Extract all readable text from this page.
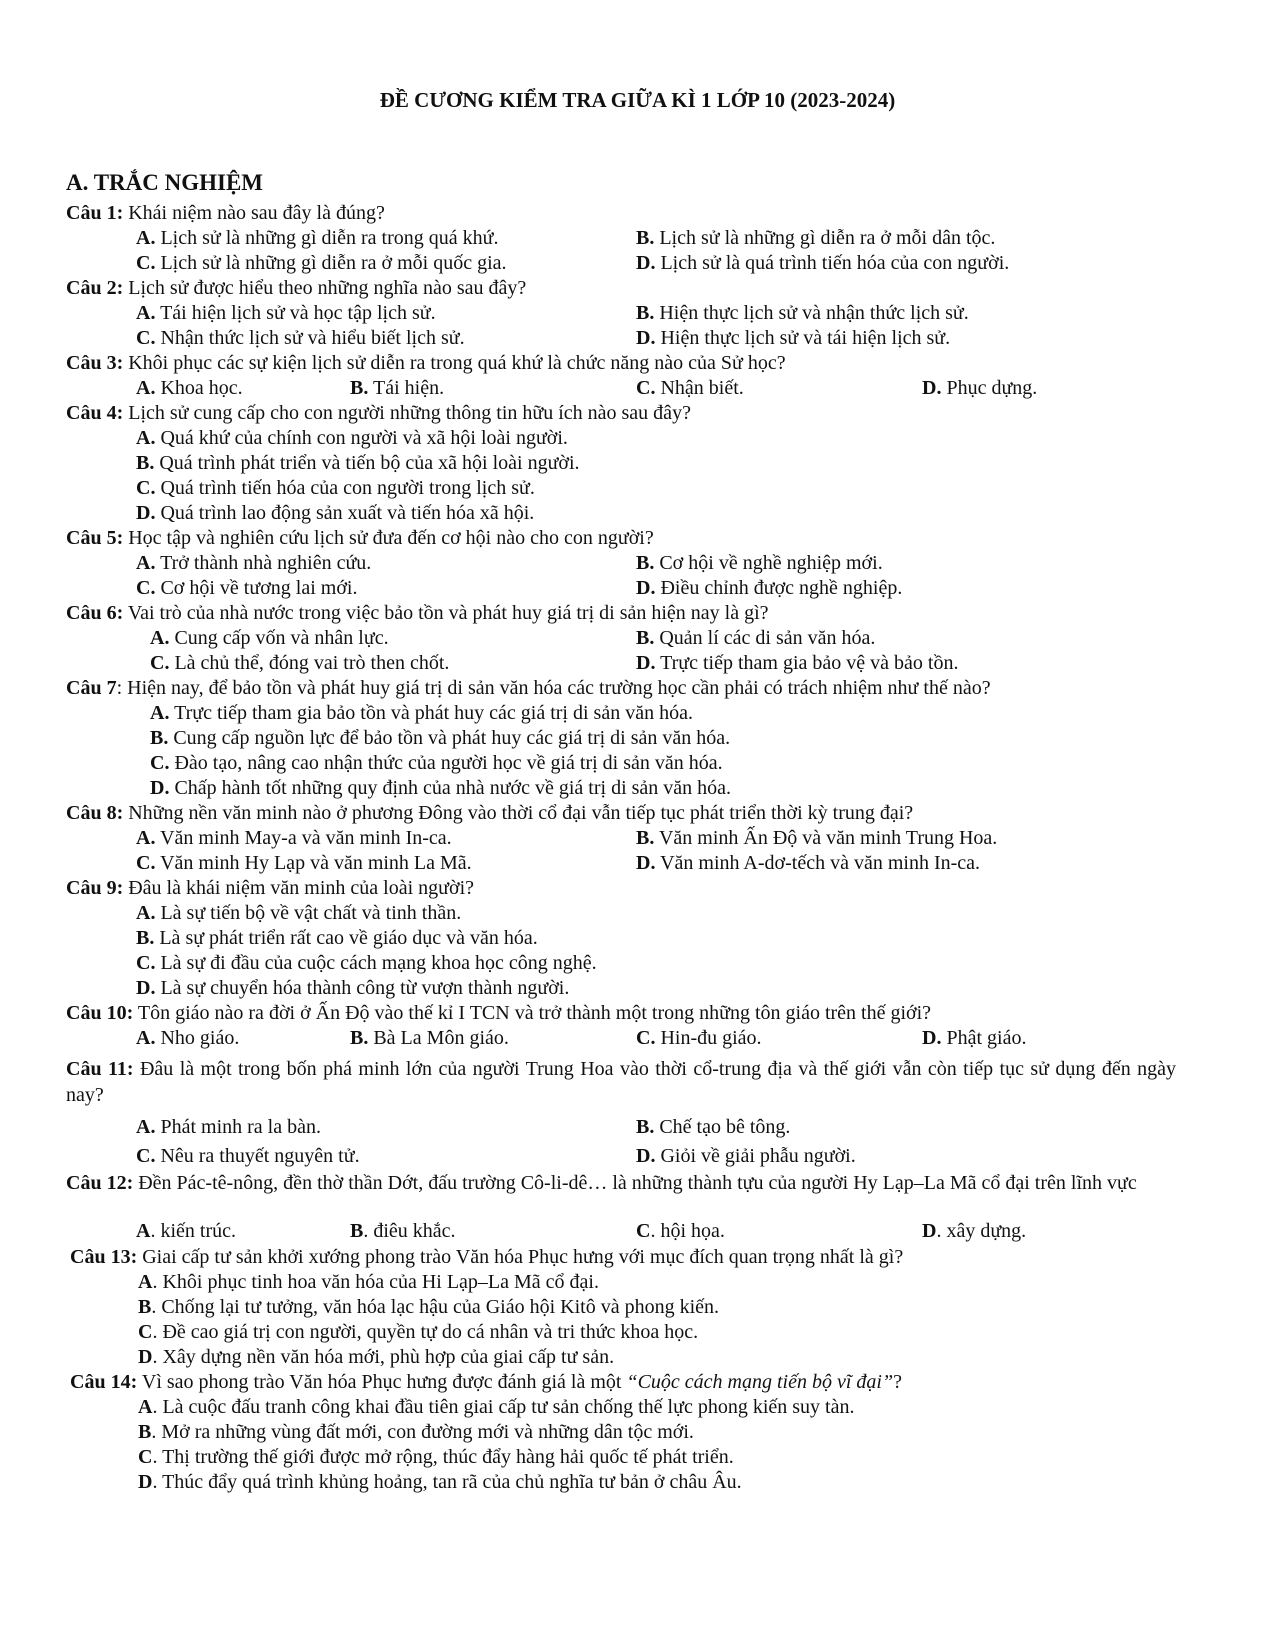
ĐỀ CƯƠNG KIỂM TRA GIỮA KÌ 1 LỚP 10 (2023-2024)
A. TRẮC NGHIỆM
Câu 1: Khái niệm nào sau đây là đúng?
A. Lịch sử là những gì diễn ra trong quá khứ.	B. Lịch sử là những gì diễn ra ở mỗi dân tộc.
C. Lịch sử là những gì diễn ra ở mỗi quốc gia.	D. Lịch sử là quá trình tiến hóa của con người.
Câu 2: Lịch sử được hiểu theo những nghĩa nào sau đây?
A. Tái hiện lịch sử và học tập lịch sử.	B. Hiện thực lịch sử và nhận thức lịch sử.
C. Nhận thức lịch sử và hiểu biết lịch sử.	D. Hiện thực lịch sử và tái hiện lịch sử.
Câu 3: Khôi phục các sự kiện lịch sử diễn ra trong quá khứ là chức năng nào của Sử học?
A. Khoa học.	B. Tái hiện.	C. Nhận biết.	D. Phục dựng.
Câu 4: Lịch sử cung cấp cho con người những thông tin hữu ích nào sau đây?
A. Quá khứ của chính con người và xã hội loài người.
B. Quá trình phát triển và tiến bộ của xã hội loài người.
C. Quá trình tiến hóa của con người trong lịch sử.
D. Quá trình lao động sản xuất và tiến hóa xã hội.
Câu 5: Học tập và nghiên cứu lịch sử đưa đến cơ hội nào cho con người?
A. Trở thành nhà nghiên cứu.	B. Cơ hội về nghề nghiệp mới.
C. Cơ hội về tương lai mới.	D. Điều chỉnh được nghề nghiệp.
Câu 6: Vai trò của nhà nước trong việc bảo tồn và phát huy giá trị di sản hiện nay là gì?
A. Cung cấp vốn và nhân lực.	B. Quản lí các di sản văn hóa.
C. Là chủ thể, đóng vai trò then chốt.	D. Trực tiếp tham gia bảo vệ và bảo tồn.
Câu 7: Hiện nay, để bảo tồn và phát huy giá trị di sản văn hóa các trường học cần phải có trách nhiệm như thế nào?
A. Trực tiếp tham gia bảo tồn và phát huy các giá trị di sản văn hóa.
B. Cung cấp nguồn lực để bảo tồn và phát huy các giá trị di sản văn hóa.
C. Đào tạo, nâng cao nhận thức của người học về giá trị di sản văn hóa.
D. Chấp hành tốt những quy định của nhà nước về giá trị di sản văn hóa.
Câu 8: Những nền văn minh nào ở phương Đông vào thời cổ đại vẫn tiếp tục phát triển thời kỳ trung đại?
A. Văn minh May-a và văn minh In-ca.	B. Văn minh Ấn Độ và văn minh Trung Hoa.
C. Văn minh Hy Lạp và văn minh La Mã.	D. Văn minh A-dơ-tếch và văn minh In-ca.
Câu 9: Đâu là khái niệm văn minh của loài người?
A. Là sự tiến bộ về vật chất và tinh thần.
B. Là sự phát triển rất cao về giáo dục và văn hóa.
C. Là sự đi đầu của cuộc cách mạng khoa học công nghệ.
D. Là sự chuyển hóa thành công từ vượn thành người.
Câu 10: Tôn giáo nào ra đời ở Ấn Độ vào thế kỉ I TCN và trở thành một trong những tôn giáo trên thế giới?
A. Nho giáo.	B. Bà La Môn giáo.	C. Hin-đu giáo.	D. Phật giáo.
Câu 11: Đâu là một trong bốn phá minh lớn của người Trung Hoa vào thời cổ-trung địa và thế giới vẫn còn tiếp tục sử dụng đến ngày nay?
A. Phát minh ra la bàn.	B. Chế tạo bê tông.
C. Nêu ra thuyết nguyên tử.	D. Giỏi về giải phẫu người.
Câu 12: Đền Pác-tê-nông, đền thờ thần Dớt, đấu trường Cô-li-dê… là những thành tựu của người Hy Lạp–La Mã cổ đại trên lĩnh vực
A. kiến trúc.	B. điêu khắc.	C. hội họa.	D. xây dựng.
Câu 13: Giai cấp tư sản khởi xướng phong trào Văn hóa Phục hưng với mục đích quan trọng nhất là gì?
A. Khôi phục tinh hoa văn hóa của Hi Lạp–La Mã cổ đại.
B. Chống lại tư tưởng, văn hóa lạc hậu của Giáo hội Kitô và phong kiến.
C. Đề cao giá trị con người, quyền tự do cá nhân và tri thức khoa học.
D. Xây dựng nền văn hóa mới, phù hợp của giai cấp tư sản.
Câu 14: Vì sao phong trào Văn hóa Phục hưng được đánh giá là một “Cuộc cách mạng tiến bộ vĩ đại”?
A. Là cuộc đấu tranh công khai đầu tiên giai cấp tư sản chống thế lực phong kiến suy tàn.
B. Mở ra những vùng đất mới, con đường mới và những dân tộc mới.
C. Thị trường thế giới được mở rộng, thúc đẩy hàng hải quốc tế phát triển.
D. Thúc đẩy quá trình khủng hoảng, tan rã của chủ nghĩa tư bản ở châu Âu.
